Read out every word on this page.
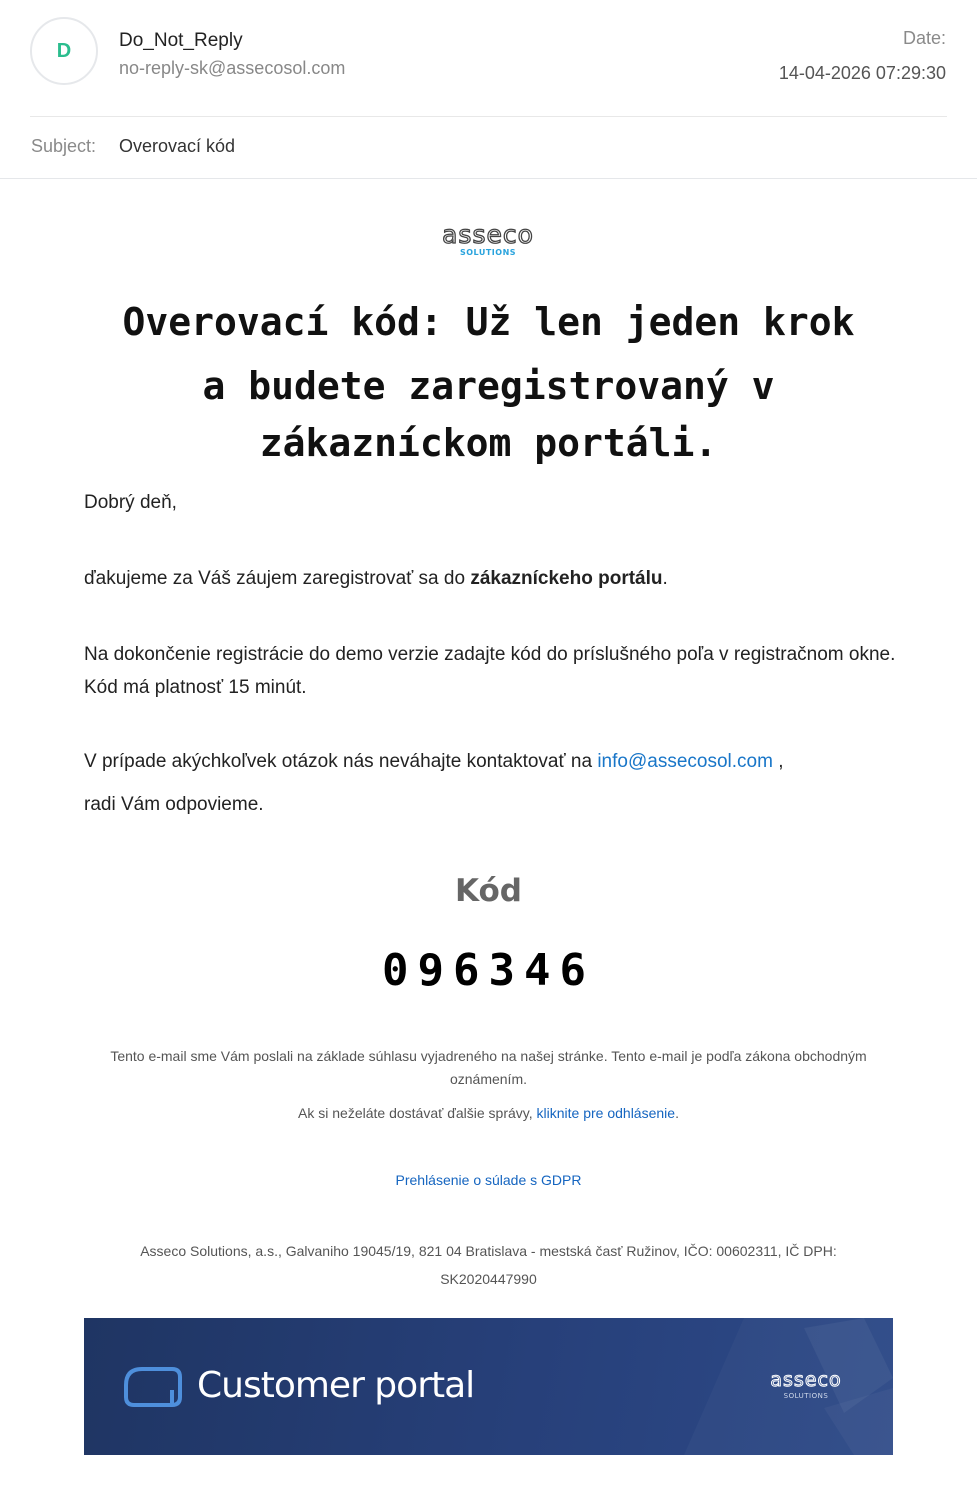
D	Do_Not_Reply
no-reply-sk@assecosol.com
Date:
14-04-2026 07:29:30
Subject: Overovací kód
asseco
SOLUTIONS
Overovací kód: Už len jeden krok
a budete zaregistrovaný v
zákazníckom portáli.
Dobrý deň,
ďakujeme za Váš záujem zaregistrovať sa do zákazníckeho portálu.
Na dokončenie registrácie do demo verzie zadajte kód do príslušného poľa v registračnom okne. Kód má platnosť 15 minút.
V prípade akýchkoľvek otázok nás neváhajte kontaktovať na info@assecosol.com ,
radi Vám odpovieme.
Kód
096346
Tento e-mail sme Vám poslali na základe súhlasu vyjadreného na našej stránke. Tento e-mail je podľa zákona obchodným oznámením.
Ak si neželáte dostávať ďalšie správy, kliknite pre odhlásenie.
Prehlásenie o súlade s GDPR
Asseco Solutions, a.s., Galvaniho 19045/19, 821 04 Bratislava - mestská časť Ružinov, IČO: 00602311, IČ DPH:
SK2020447990
Customer portal	asseco
SOLUTIONS
